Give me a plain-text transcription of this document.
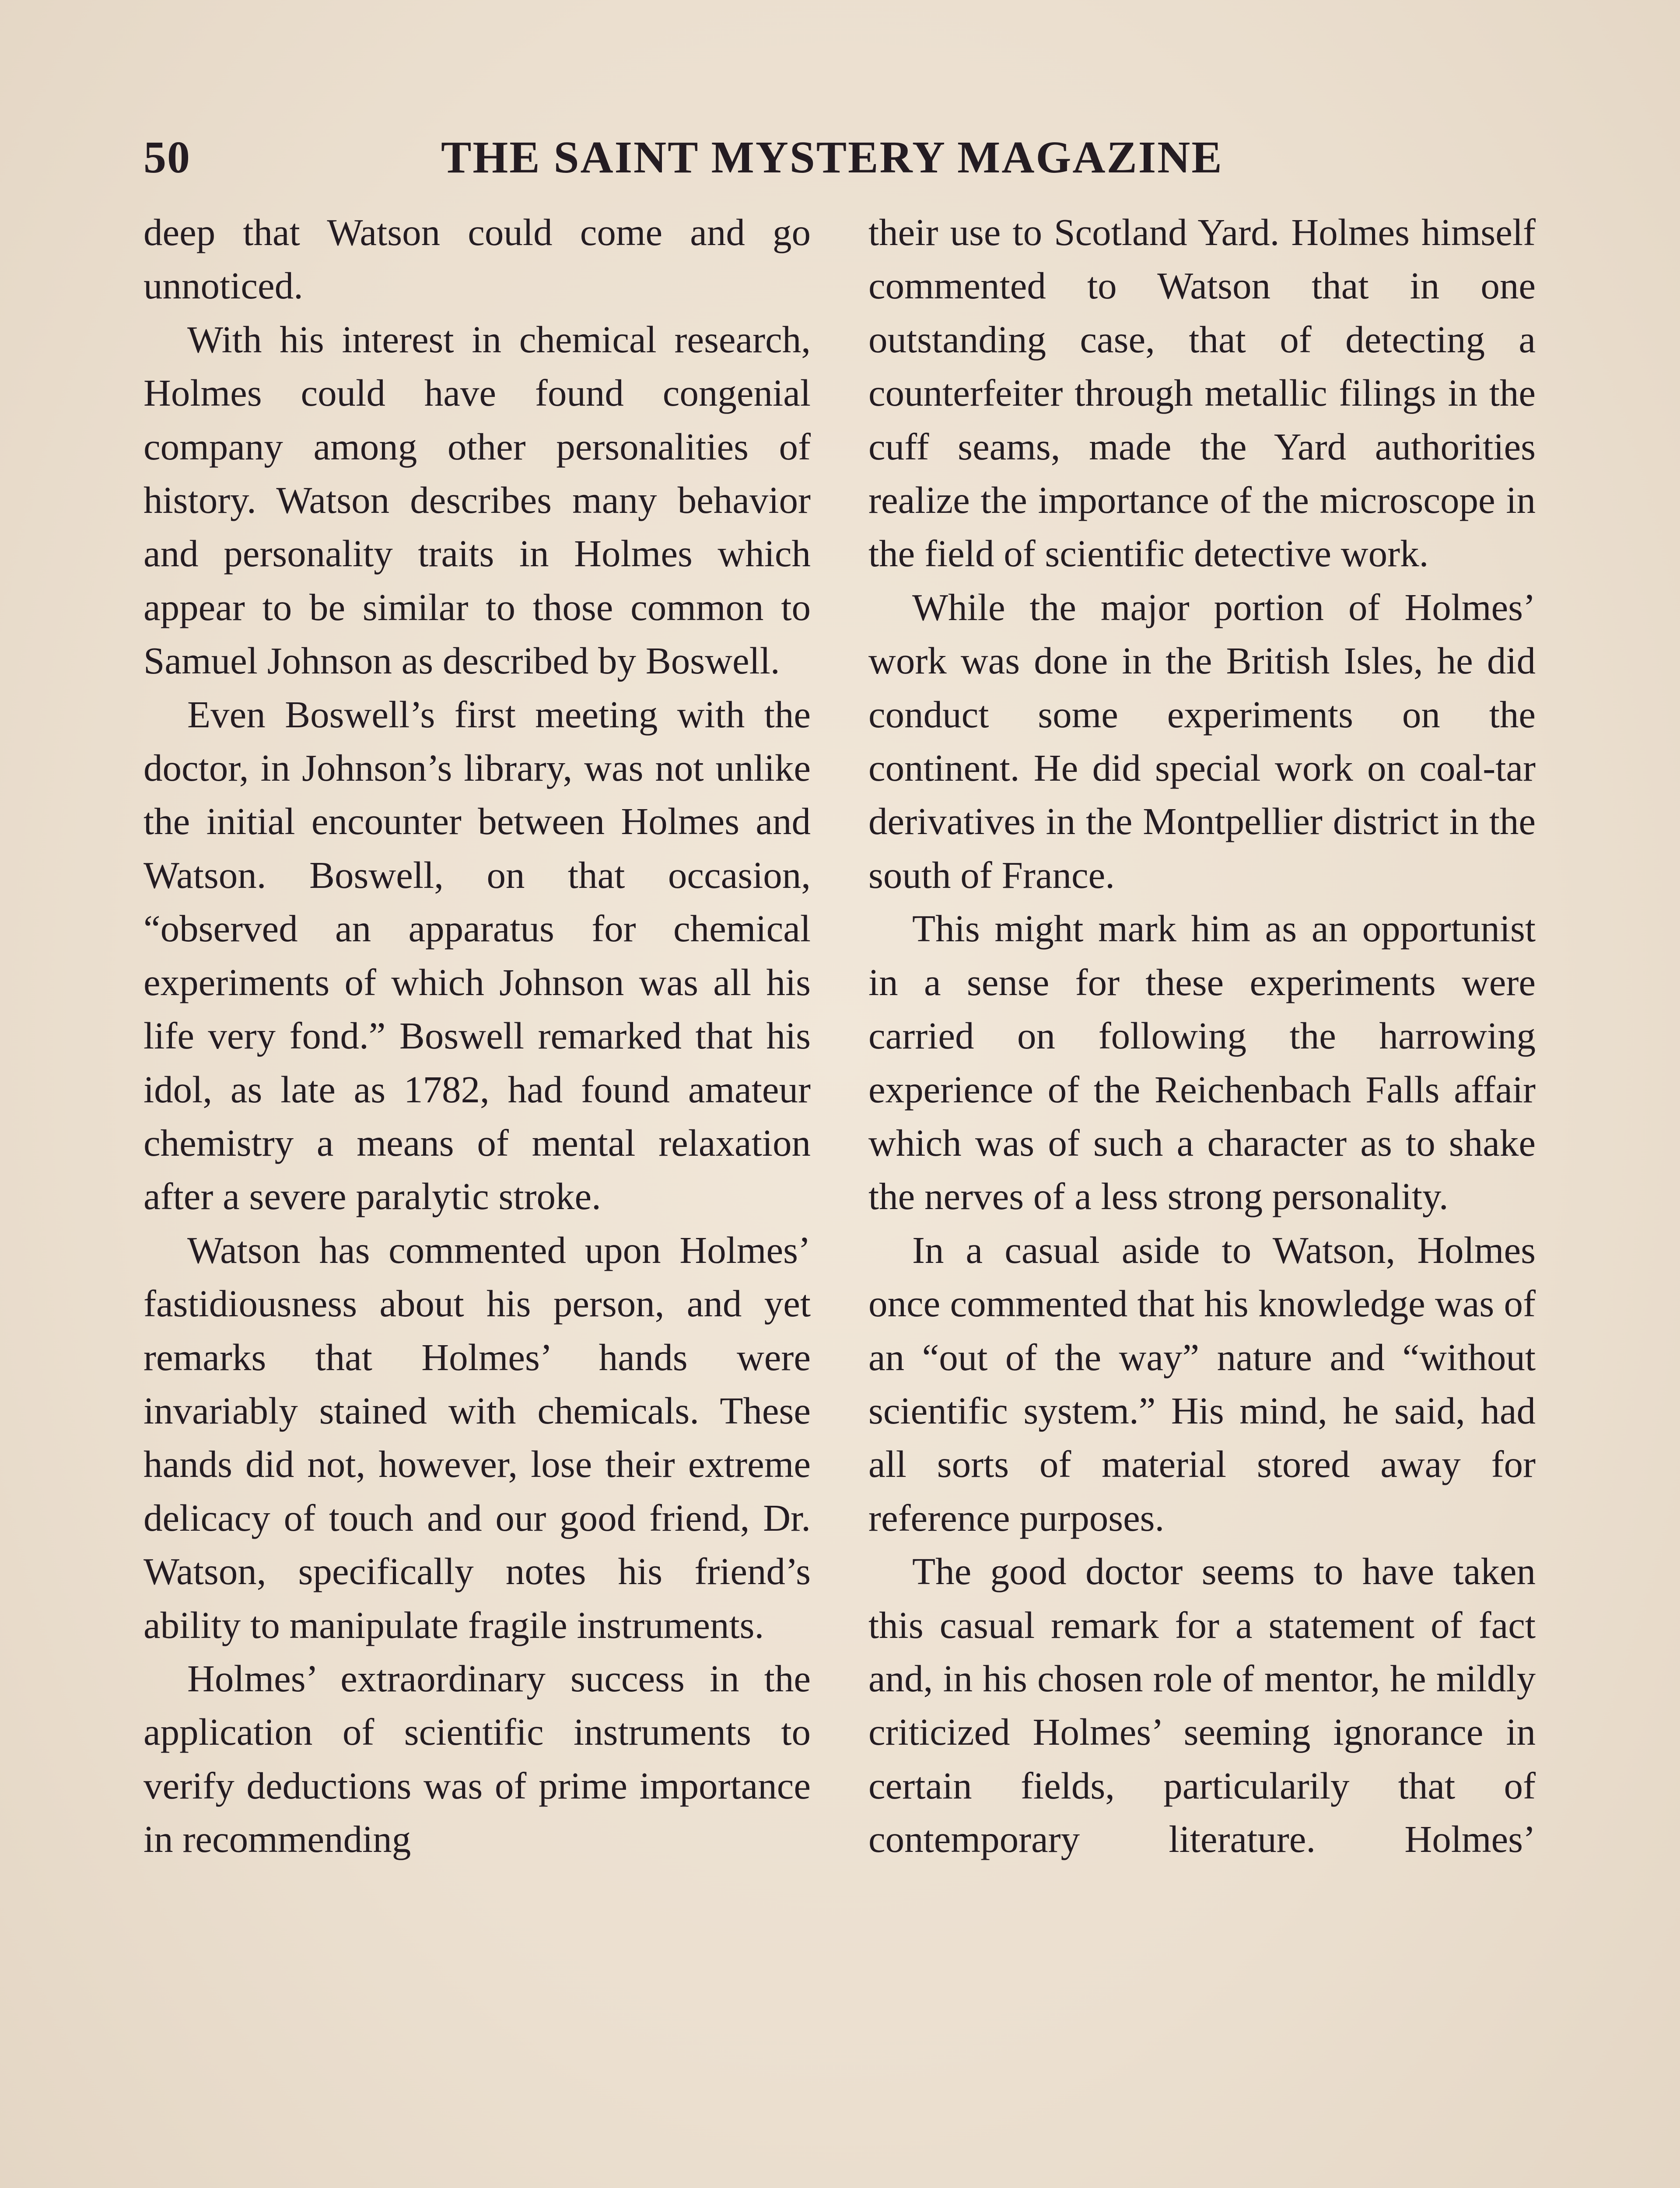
50	THE SAINT MYSTERY MAGAZINE

deep that Watson could come and go unnoticed.

With his interest in chemical research, Holmes could have found congenial company among other personalities of history. Watson describes many behavior and personality traits in Holmes which appear to be similar to those common to Samuel Johnson as described by Boswell.

Even Boswell’s first meeting with the doctor, in Johnson’s library, was not unlike the initial encounter between Holmes and Watson. Boswell, on that occasion, “observed an apparatus for chemical experiments of which Johnson was all his life very fond.” Boswell remarked that his idol, as late as 1782, had found amateur chemistry a means of mental relaxation after a severe paralytic stroke.

Watson has commented upon Holmes’ fastidiousness about his person, and yet remarks that Holmes’ hands were invariably stained with chemicals. These hands did not, however, lose their extreme delicacy of touch and our good friend, Dr. Watson, specifically notes his friend’s ability to manipulate fragile instruments.

Holmes’ extraordinary success in the application of scientific instruments to verify deductions was of prime importance in recommending

their use to Scotland Yard. Holmes himself commented to Watson that in one outstanding case, that of detecting a counterfeiter through metallic filings in the cuff seams, made the Yard authorities realize the importance of the microscope in the field of scientific detective work.

While the major portion of Holmes’ work was done in the British Isles, he did conduct some experiments on the continent. He did special work on coal-tar derivatives in the Montpellier district in the south of France.

This might mark him as an opportunist in a sense for these experiments were carried on following the harrowing experience of the Reichenbach Falls affair which was of such a character as to shake the nerves of a less strong personality.

In a casual aside to Watson, Holmes once commented that his knowledge was of an “out of the way” nature and “without scientific system.” His mind, he said, had all sorts of material stored away for reference purposes.

The good doctor seems to have taken this casual remark for a statement of fact and, in his chosen role of mentor, he mildly criticized Holmes’ seeming ignorance in certain fields, particularily that of contemporary literature. Holmes’
